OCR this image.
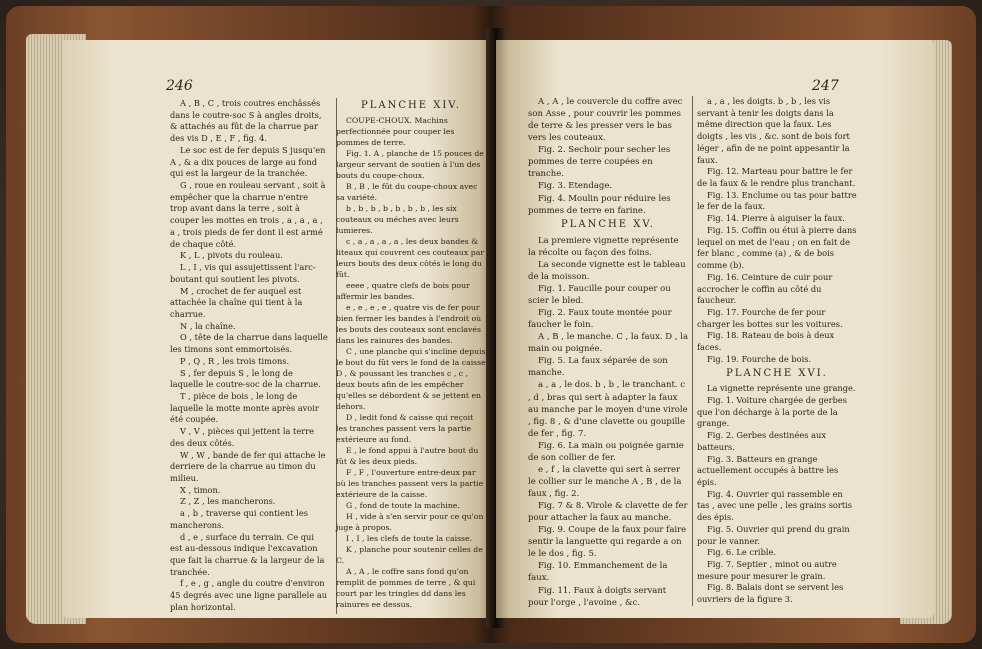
246

A , B , C , trois coutres enchâssés dans le coutre-soc S à angles droits, & attachés au fût de la charrue par des vis D , E , F , fig. 4.

Le soc est de fer depuis S jusqu'en A , & a dix pouces de large au fond qui est la largeur de la tranchée.

G , roue en rouleau servant , soit à empêcher que la charrue n'entre trop avant dans la terre , soit à couper les mottes en trois , a , a , a , a , trois pieds de fer dont il est armé de chaque côté.

K , L , pivots du rouleau.

L , I , vis qui assujettissent l'arc-boutant qui soutient les pivots.

M , crochet de fer auquel est attachée la chaîne qui tient à la charrue.

N , la chaîne.

O , tête de la charrue dans laquelle les timons sont emmortoisés.

P , Q , R , les trois timons.

S , fer depuis S , le long de laquelle le coutre-soc de la charrue.

T , pièce de bois , le long de laquelle la motte monte après avoir été coupée.

V , V , pièces qui jettent la terre des deux côtés.

W , W , bande de fer qui attache le derriere de la charrue au timon du milieu.

X , timon.

Z , Z , les mancherons.

a , b , traverse qui contient les mancherons.

d , e , surface du terrain. Ce qui est au-dessous indique l'excavation que fait la charrue & la largeur de la tranchée.

f , e , g , angle du coutre d'environ 45 degrés avec une ligne parallele au plan horizontal.

PLANCHE XIV.

COUPE-CHOUX. Machins perfectionnée pour couper les pommes de terre.

Fig. 1. A , planche de 15 pouces de largeur servant de soutien à l'un des bouts du coupe-choux.

B , B , le fût du coupe-choux avec sa variété.

b , b , b , b , b , b , b , les six couteaux ou méches avec leurs lumieres.

c , a , a , a , a , les deux bandes & liteaux qui couvrent ces couteaux par leurs bouts des deux côtés le long du fût.

eeee , quatre clefs de bois pour affermir les bandes.

e , e , e , e , quatre vis de fer pour bien fermer les bandes à l'endroit où les bouts des couteaux sont enclavés dans les rainures des bandes.

C , une planche qui s'incline depuis le bout du fût vers le fond de la caisse D , & poussant les tranches c , c , deux bouts afin de les empêcher qu'elles se débordent & se jettent en dehors.

D , ledit fond & caisse qui reçoit les tranches passent vers la partie extérieure au fond.

E , le fond appui à l'autre bout du fût & les deux pieds.

F , F , l'ouverture entre-deux par où les tranches passent vers la partie extérieure de la caisse.

G , fond de toute la machine.

H , vide à s'en servir pour ce qu'on juge à propos.

I , I , les clefs de toute la caisse.

K , planche pour soutenir celles de C.

A , A , le coffre sans fond qu'on remplit de pommes de terre , & qui court par les tringles dd dans les rainures ee dessus.

247

A , A , le couvercle du coffre avec son Asse , pour couvrir les pommes de terre & les presser vers le bas vers les couteaux.

Fig. 2. Sechoir pour secher les pommes de terre coupées en tranche.

Fig. 3. Etendage.

Fig. 4. Moulin pour réduire les pommes de terre en farine.

PLANCHE XV.

La premiere vignette représente la récolte ou façon des foins.

La seconde vignette est le tableau de la moisson.

Fig. 1. Faucille pour couper ou scier le bled.

Fig. 2. Faux toute montée pour faucher le foin.

A , B , le manche. C , la faux. D , la main ou poignée.

Fig. 5. La faux séparée de son manche.

a , a , le dos. b , b , le tranchant. c , d , bras qui sert à adapter la faux au manche par le moyen d'une virole , fig. 8 , & d'une clavette ou goupille de fer , fig. 7.

Fig. 6. La main ou poignée garnie de son collier de fer.

e , f , la clavette qui sert à serrer le collier sur le manche A , B , de la faux , fig. 2.

Fig. 7 & 8. Virole & clavette de fer pour attacher la faux au manche.

Fig. 9. Coupe de la faux pour faire sentir la languette qui regarde a on le le dos , fig. 5.

Fig. 10. Emmanchement de la faux.

Fig. 11. Faux à doigts servant pour l'orge , l'avoine , &c.

a , a , les doigts. b , b , les vis servant à tenir les doigts dans la même direction que la faux. Les doigts , les vis , &c. sont de bois fort léger , afin de ne point appesantir la faux.

Fig. 12. Marteau pour battre le fer de la faux & le rendre plus tranchant.

Fig. 13. Enclume ou tas pour battre le fer de la faux.

Fig. 14. Pierre à aiguiser la faux.

Fig. 15. Coffin ou étui à pierre dans lequel on met de l'eau ; on en fait de fer blanc , comme (a) , & de bois comme (b).

Fig. 16. Ceinture de cuir pour accrocher le coffin au côté du faucheur.

Fig. 17. Fourche de fer pour charger les bottes sur les voitures.

Fig. 18. Rateau de bois à deux faces.

Fig. 19. Fourche de bois.

PLANCHE XVI.

La vignette représente une grange.

Fig. 1. Voiture chargée de gerbes que l'on décharge à la porte de la grange.

Fig. 2. Gerbes destinées aux batteurs.

Fig. 3. Batteurs en grange actuellement occupés à battre les épis.

Fig. 4. Ouvrier qui rassemble en tas , avec une pelle , les grains sortis des épis.

Fig. 5. Ouvrier qui prend du grain pour le vanner.

Fig. 6. Le crible.

Fig. 7. Septier , minot ou autre mesure pour mesurer le grain.

Fig. 8. Balais dont se servent les ouvriers de la figure 3.
